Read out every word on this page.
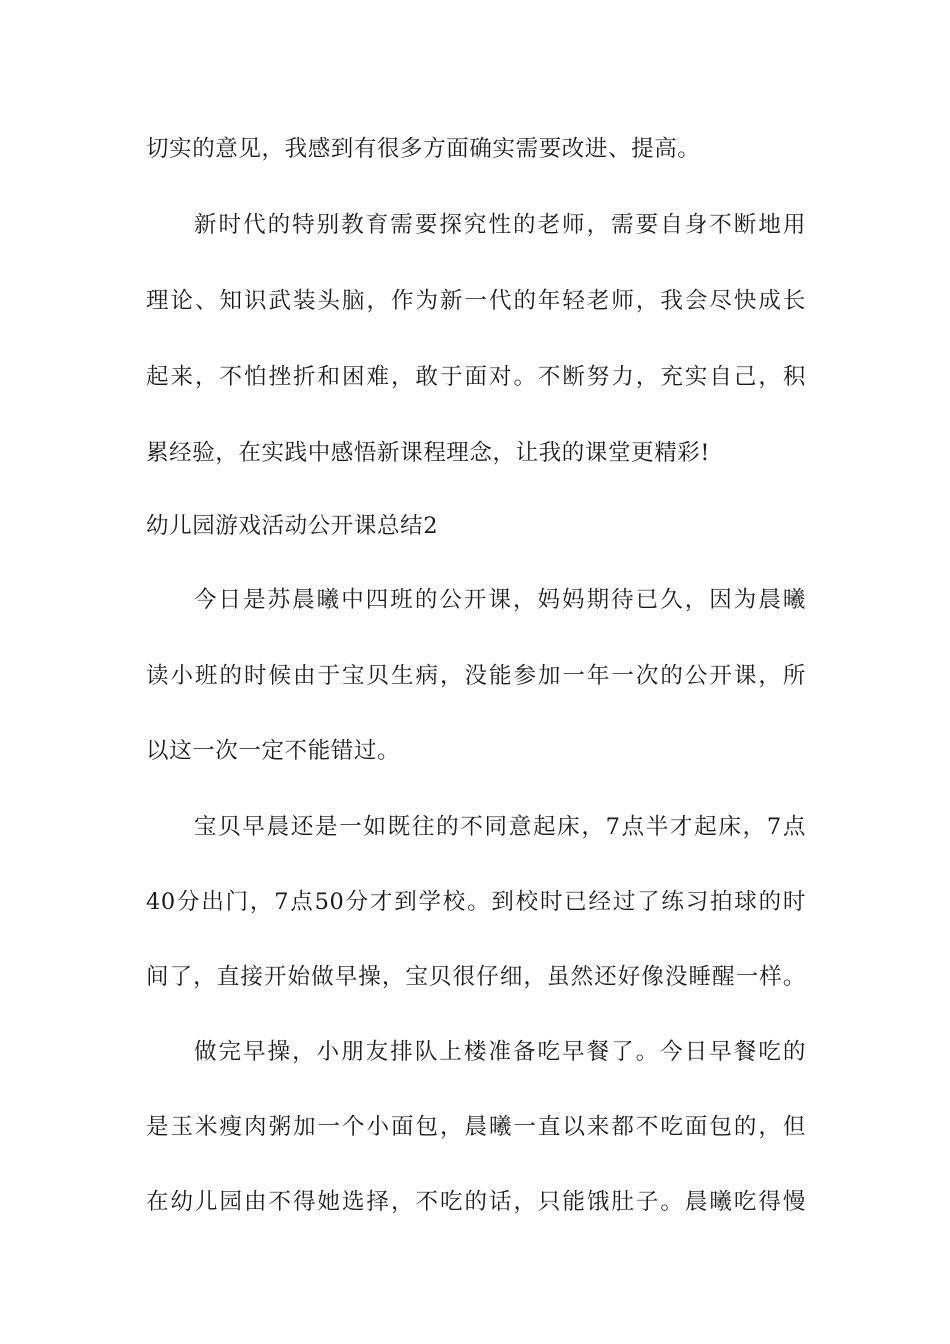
切实的意见，我感到有很多方面确实需要改进、提高。
新时代的特别教育需要探究性的老师，需要自身不断地用
理论、知识武装头脑，作为新一代的年轻老师，我会尽快成长
起来，不怕挫折和困难，敢于面对。不断努力，充实自己，积
累经验，在实践中感悟新课程理念，让我的课堂更精彩!
幼儿园游戏活动公开课总结2
今日是苏晨曦中四班的公开课，妈妈期待已久，因为晨曦
读小班的时候由于宝贝生病，没能参加一年一次的公开课，所
以这一次一定不能错过。
宝贝早晨还是一如既往的不同意起床，7点半才起床，7点
40分出门，7点50分才到学校。到校时已经过了练习拍球的时
间了，直接开始做早操，宝贝很仔细，虽然还好像没睡醒一样。
做完早操，小朋友排队上楼准备吃早餐了。今日早餐吃的
是玉米瘦肉粥加一个小面包，晨曦一直以来都不吃面包的，但
在幼儿园由不得她选择，不吃的话，只能饿肚子。晨曦吃得慢
